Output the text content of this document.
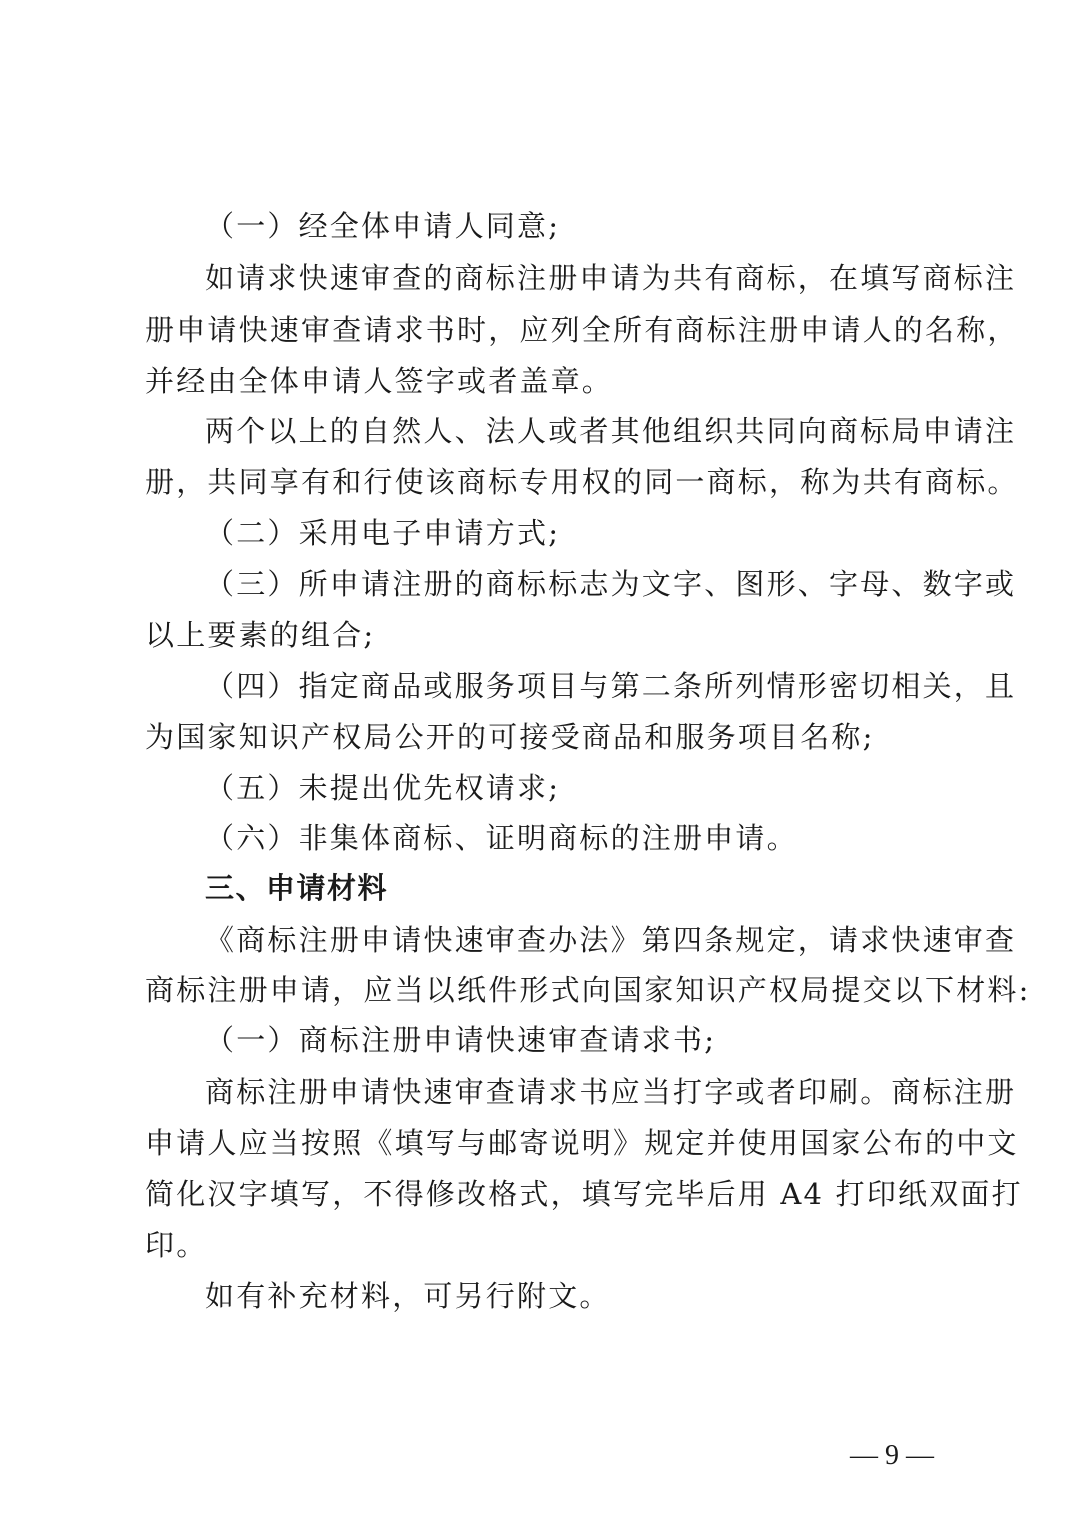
（一）经全体申请人同意;
如请求快速审查的商标注册申请为共有商标，在填写商标注
册申请快速审查请求书时，应列全所有商标注册申请人的名称，
并经由全体申请人签字或者盖章。
两个以上的自然人、法人或者其他组织共同向商标局申请注
册，共同享有和行使该商标专用权的同一商标，称为共有商标。
（二）采用电子申请方式;
（三）所申请注册的商标标志为文字、图形、字母、数字或
以上要素的组合;
（四）指定商品或服务项目与第二条所列情形密切相关，且
为国家知识产权局公开的可接受商品和服务项目名称;
（五）未提出优先权请求;
（六）非集体商标、证明商标的注册申请。
三、申请材料
《商标注册申请快速审查办法》第四条规定，请求快速审查
商标注册申请，应当以纸件形式向国家知识产权局提交以下材料:
（一）商标注册申请快速审查请求书;
商标注册申请快速审查请求书应当打字或者印刷。商标注册
申请人应当按照《填写与邮寄说明》规定并使用国家公布的中文
简化汉字填写，不得修改格式，填写完毕后用 A4 打印纸双面打
印。
如有补充材料，可另行附文。
— 9 —
